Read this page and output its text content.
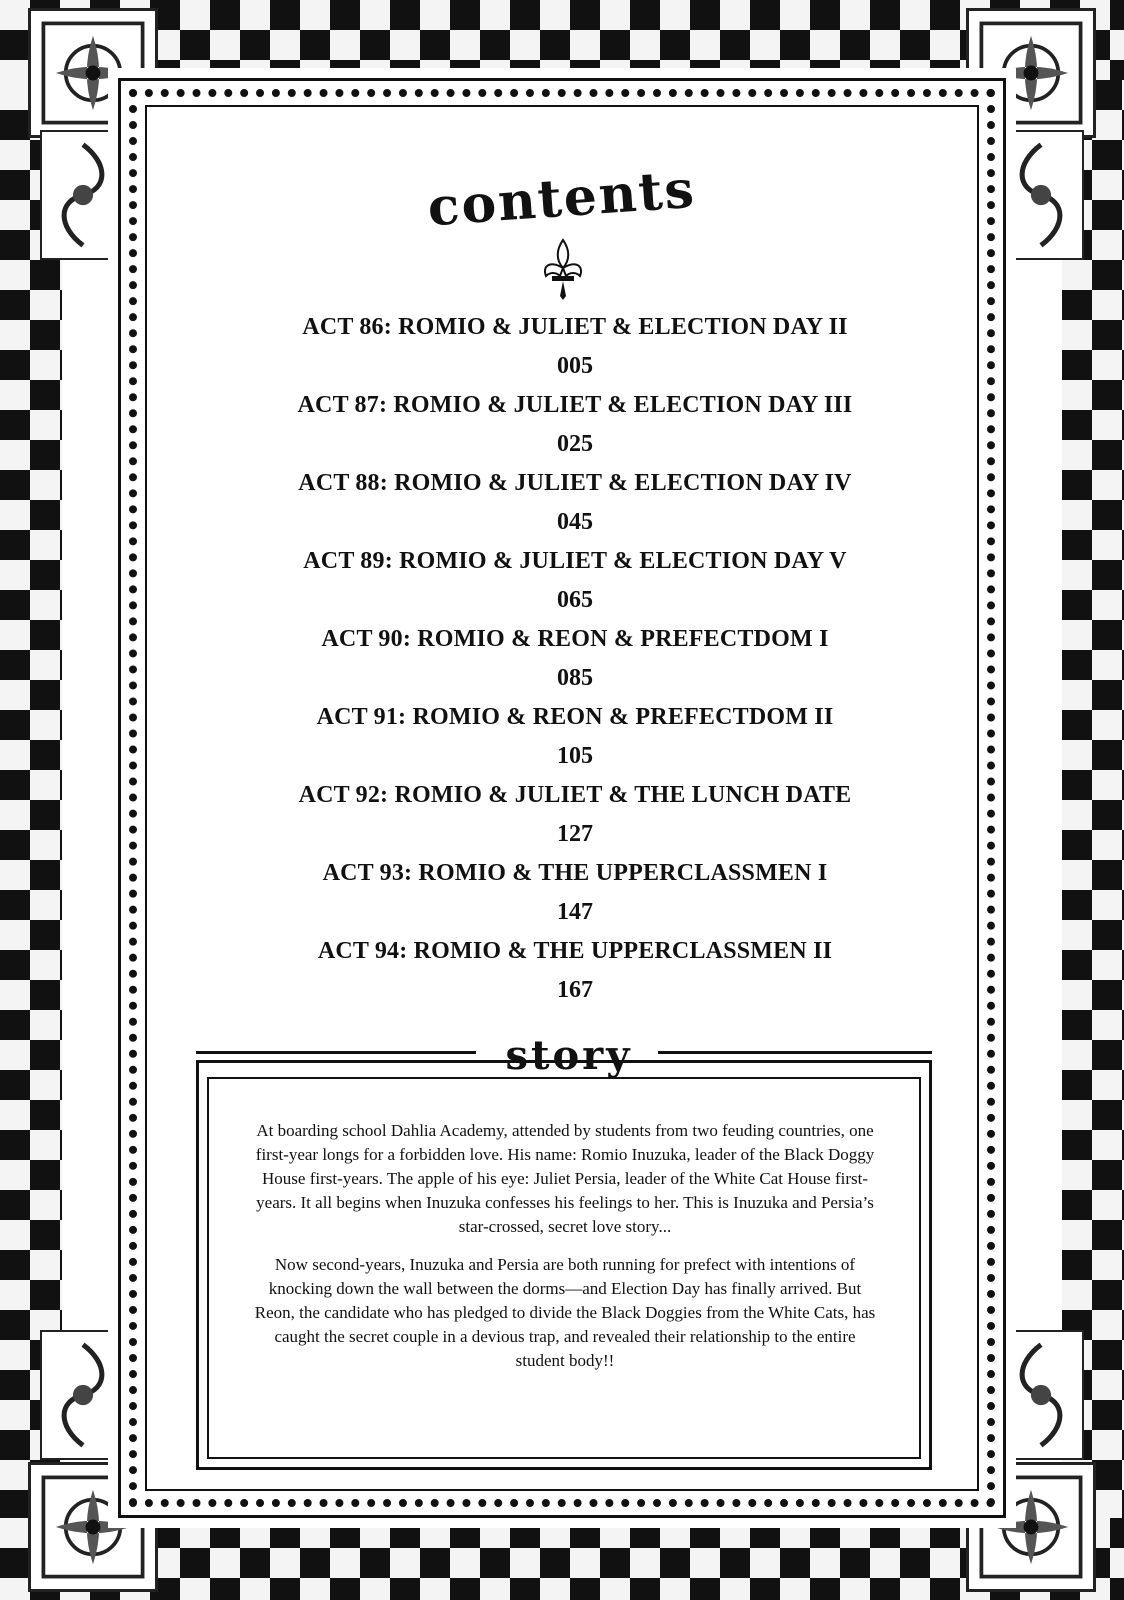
contents
ACT 86: ROMIO & JULIET & ELECTION DAY II
005
ACT 87: ROMIO & JULIET & ELECTION DAY III
025
ACT 88: ROMIO & JULIET & ELECTION DAY IV
045
ACT 89: ROMIO & JULIET & ELECTION DAY V
065
ACT 90: ROMIO & REON & PREFECTDOM I
085
ACT 91: ROMIO & REON & PREFECTDOM II
105
ACT 92: ROMIO & JULIET & THE LUNCH DATE
127
ACT 93: ROMIO & THE UPPERCLASSMEN I
147
ACT 94: ROMIO & THE UPPERCLASSMEN II
167

At boarding school Dahlia Academy, attended by students from two feuding countries, one first-year longs for a forbidden love. His name: Romio Inuzuka, leader of the Black Doggy House first-years. The apple of his eye: Juliet Persia, leader of the White Cat House first-years. It all begins when Inuzuka confesses his feelings to her. This is Inuzuka and Persia’s star-crossed, secret love story...

Now second-years, Inuzuka and Persia are both running for prefect with intentions of knocking down the wall between the dorms—and Election Day has finally arrived. But Reon, the candidate who has pledged to divide the Black Doggies from the White Cats, has caught the secret couple in a devious trap, and revealed their relationship to the entire student body!!

story
